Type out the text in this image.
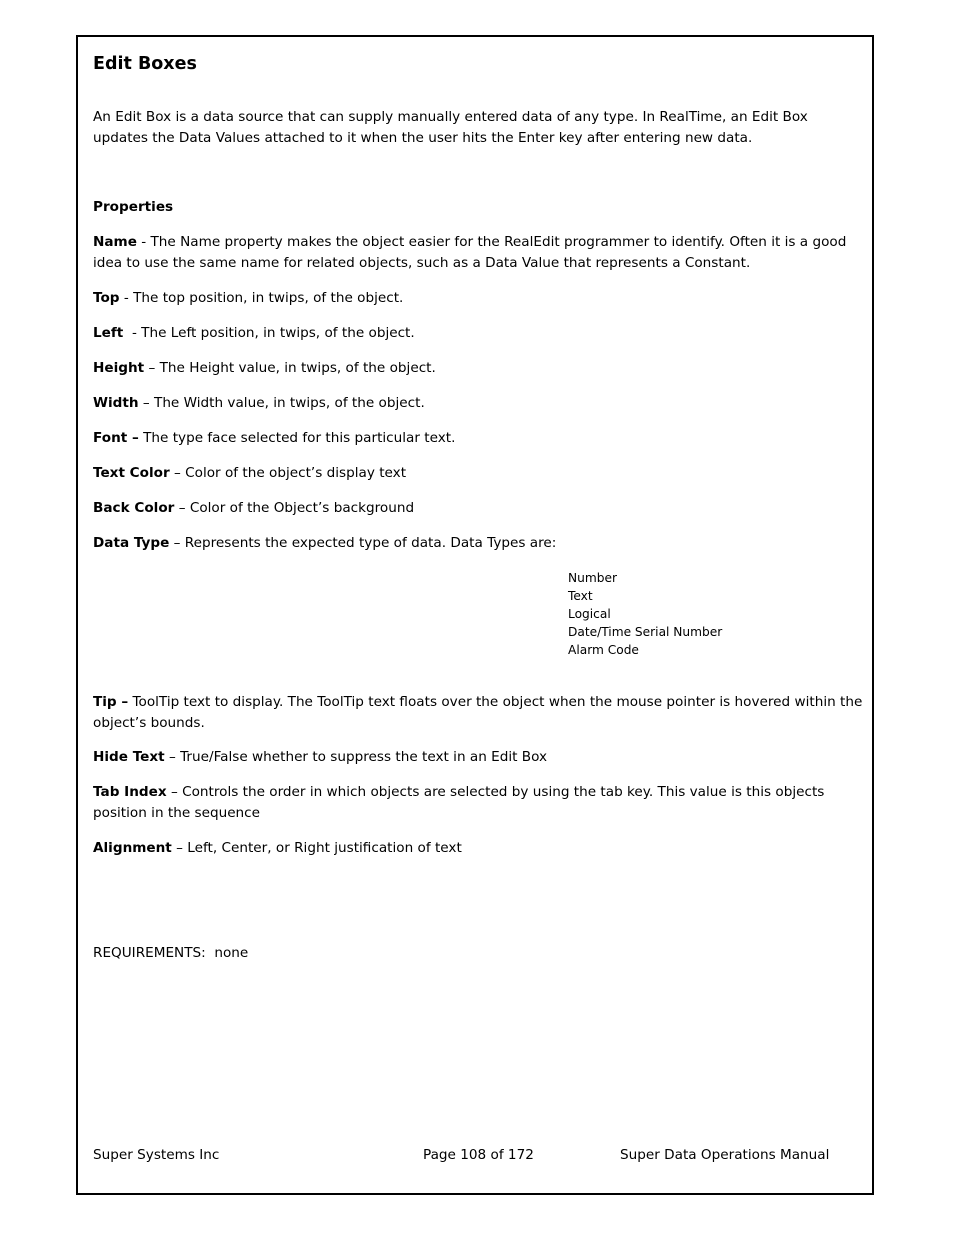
Edit Boxes

An Edit Box is a data source that can supply manually entered data of any type. In RealTime, an Edit Box updates the Data Values attached to it when the user hits the Enter key after entering new data.

Properties

Name - The Name property makes the object easier for the RealEdit programmer to identify. Often it is a good idea to use the same name for related objects, such as a Data Value that represents a Constant.

Top - The top position, in twips, of the object.

Left  - The Left position, in twips, of the object.

Height – The Height value, in twips, of the object.

Width – The Width value, in twips, of the object.

Font – The type face selected for this particular text.

Text Color – Color of the object’s display text

Back Color – Color of the Object’s background

Data Type – Represents the expected type of data. Data Types are:

Number
Text
Logical
Date/Time Serial Number
Alarm Code

Tip – ToolTip text to display. The ToolTip text floats over the object when the mouse pointer is hovered within the object’s bounds.

Hide Text – True/False whether to suppress the text in an Edit Box

Tab Index – Controls the order in which objects are selected by using the tab key. This value is this objects position in the sequence

Alignment – Left, Center, or Right justification of text

REQUIREMENTS:  none

Super Systems Inc	Page 108 of 172	Super Data Operations Manual
